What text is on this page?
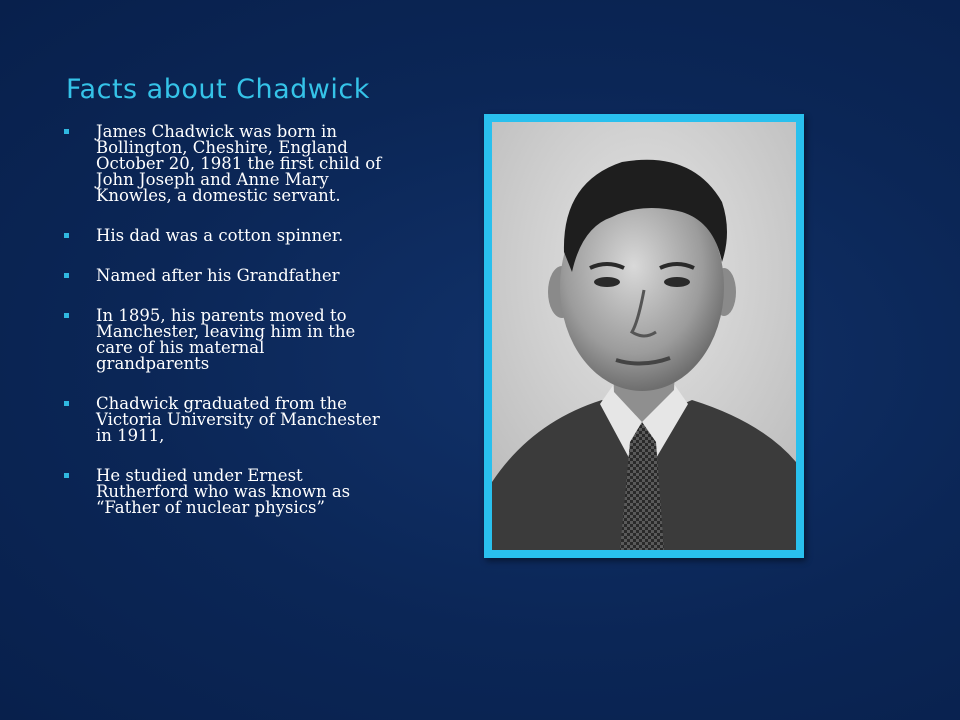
Facts about Chadwick
James Chadwick was born in Bollington, Cheshire, England October 20, 1981 the first child of John Joseph and Anne Mary Knowles, a domestic servant.
His dad was a cotton spinner.
Named after his Grandfather
In 1895, his parents moved to Manchester, leaving him in the care of his maternal grandparents
Chadwick graduated from the Victoria University of Manchester in 1911,
He studied under Ernest Rutherford who was known as “Father of nuclear physics”
